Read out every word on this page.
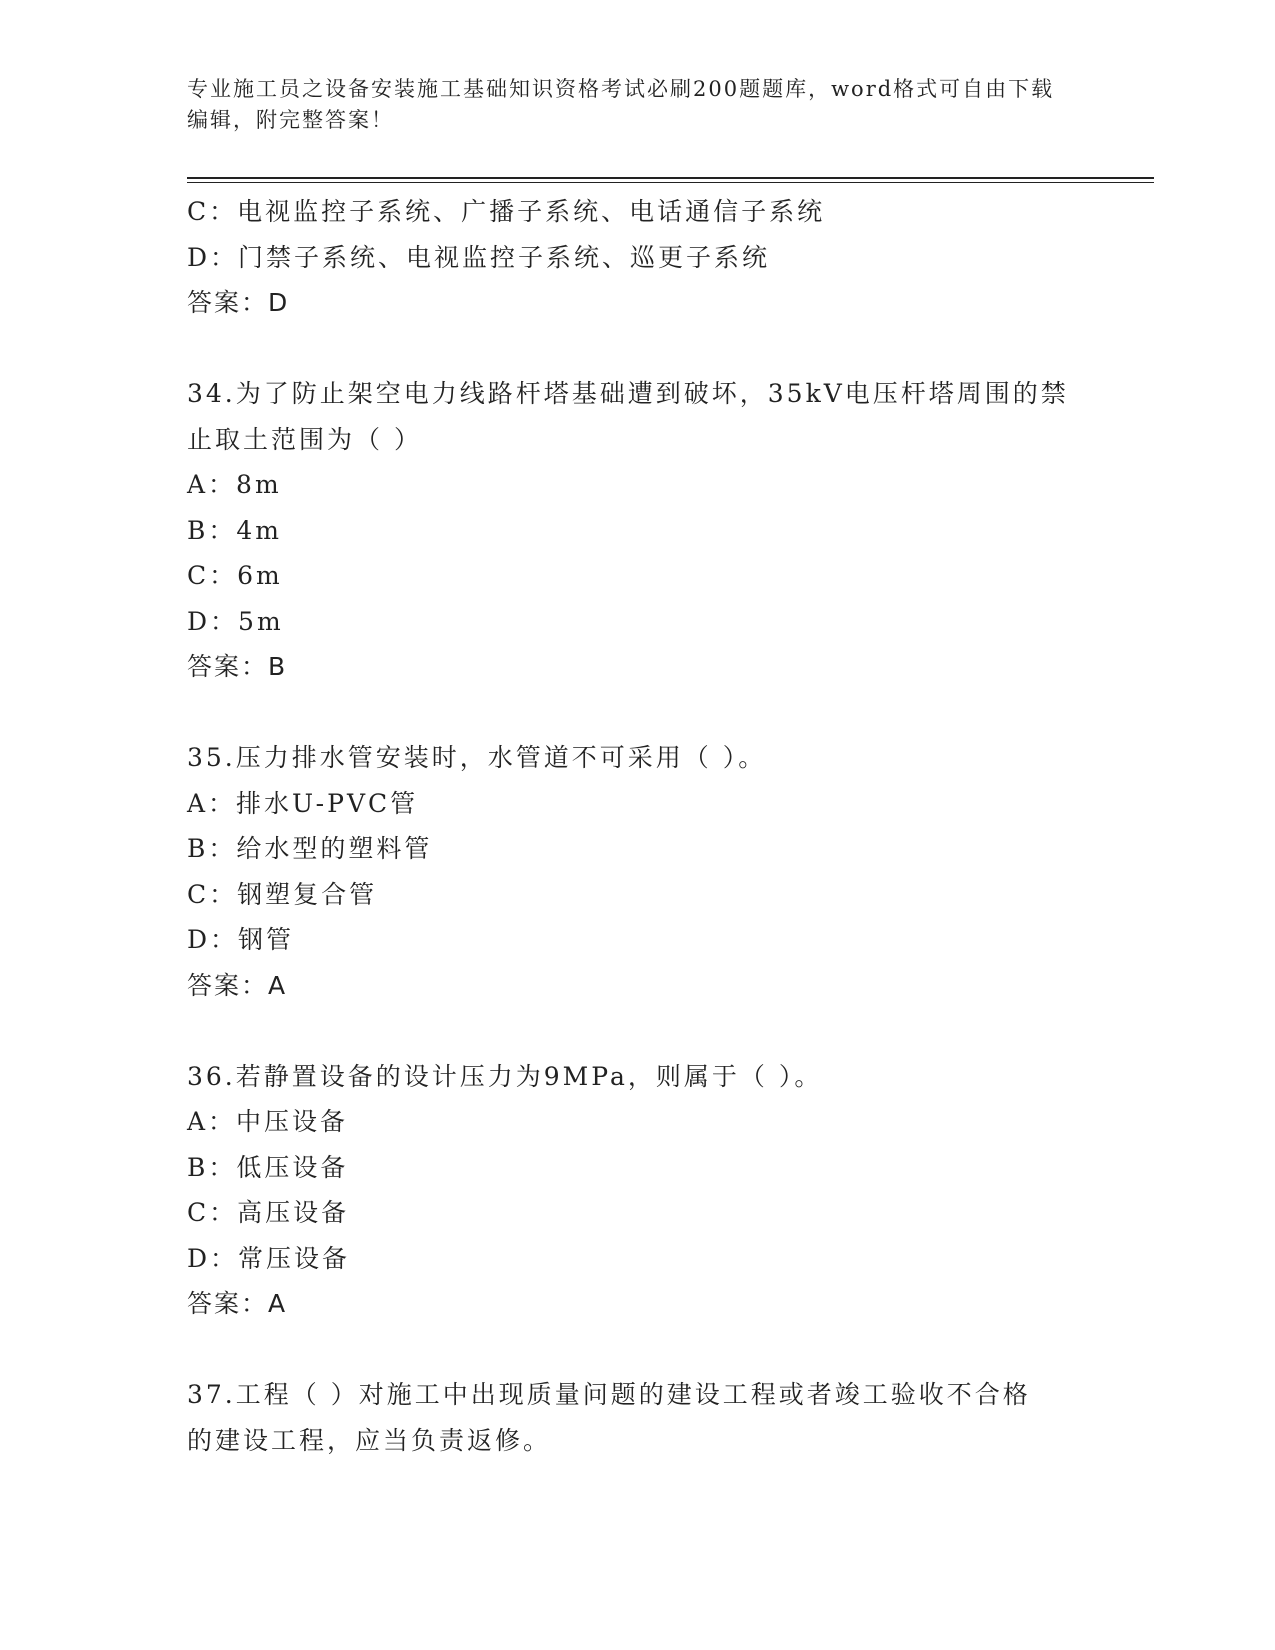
专业施工员之设备安装施工基础知识资格考试必刷200题题库，word格式可自由下载编辑，附完整答案！
C：电视监控子系统、广播子系统、电话通信子系统
D：门禁子系统、电视监控子系统、巡更子系统
答案：D
34.为了防止架空电力线路杆塔基础遭到破坏，35kV电压杆塔周围的禁
止取土范围为（ ）
A：8m
B：4m
C：6m
D：5m
答案：B
35.压力排水管安装时，水管道不可采用（ ）。
A：排水U-PVC管
B：给水型的塑料管
C：钢塑复合管
D：钢管
答案：A
36.若静置设备的设计压力为9MPa，则属于（ ）。
A：中压设备
B：低压设备
C：高压设备
D：常压设备
答案：A
37.工程（ ）对施工中出现质量问题的建设工程或者竣工验收不合格
的建设工程，应当负责返修。
